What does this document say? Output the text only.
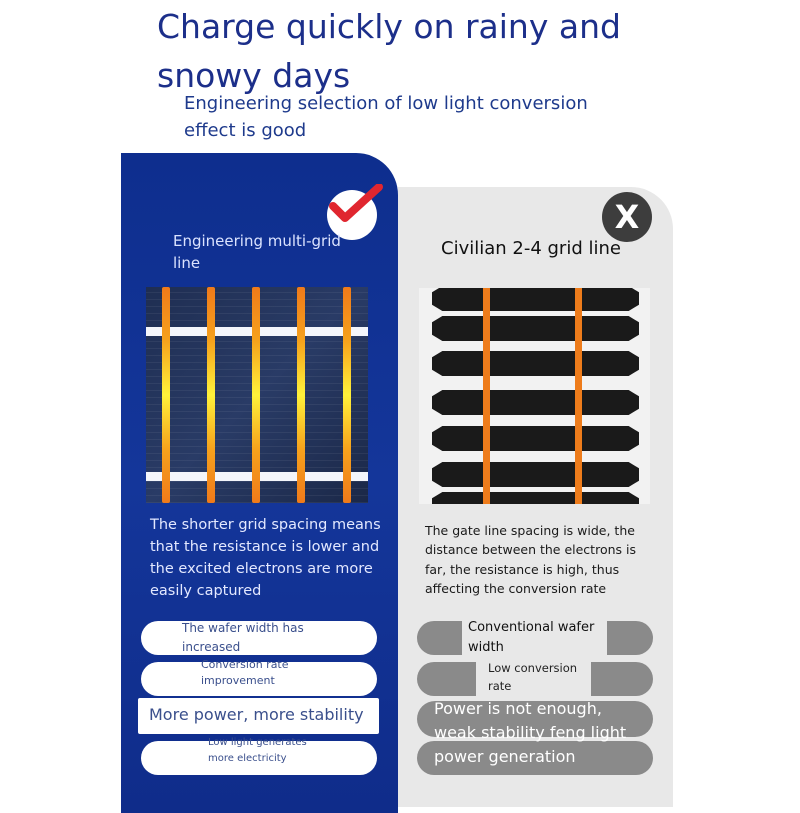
Charge quickly on rainy and snowy days

Engineering selection of low light conversion effect is good

X
Engineering multi-grid line
Civilian 2-4 grid line
The shorter grid spacing means that the resistance is lower and the excited electrons are more easily captured
The gate line spacing is wide, the distance between the electrons is far, the resistance is high, thus affecting the conversion rate
The wafer width has increased
Conversion rate improvement
More power, more stability
Low light generates more electricity
Conventional wafer width
Low conversion rate
Power is not enough, weak stability feng light power generation
